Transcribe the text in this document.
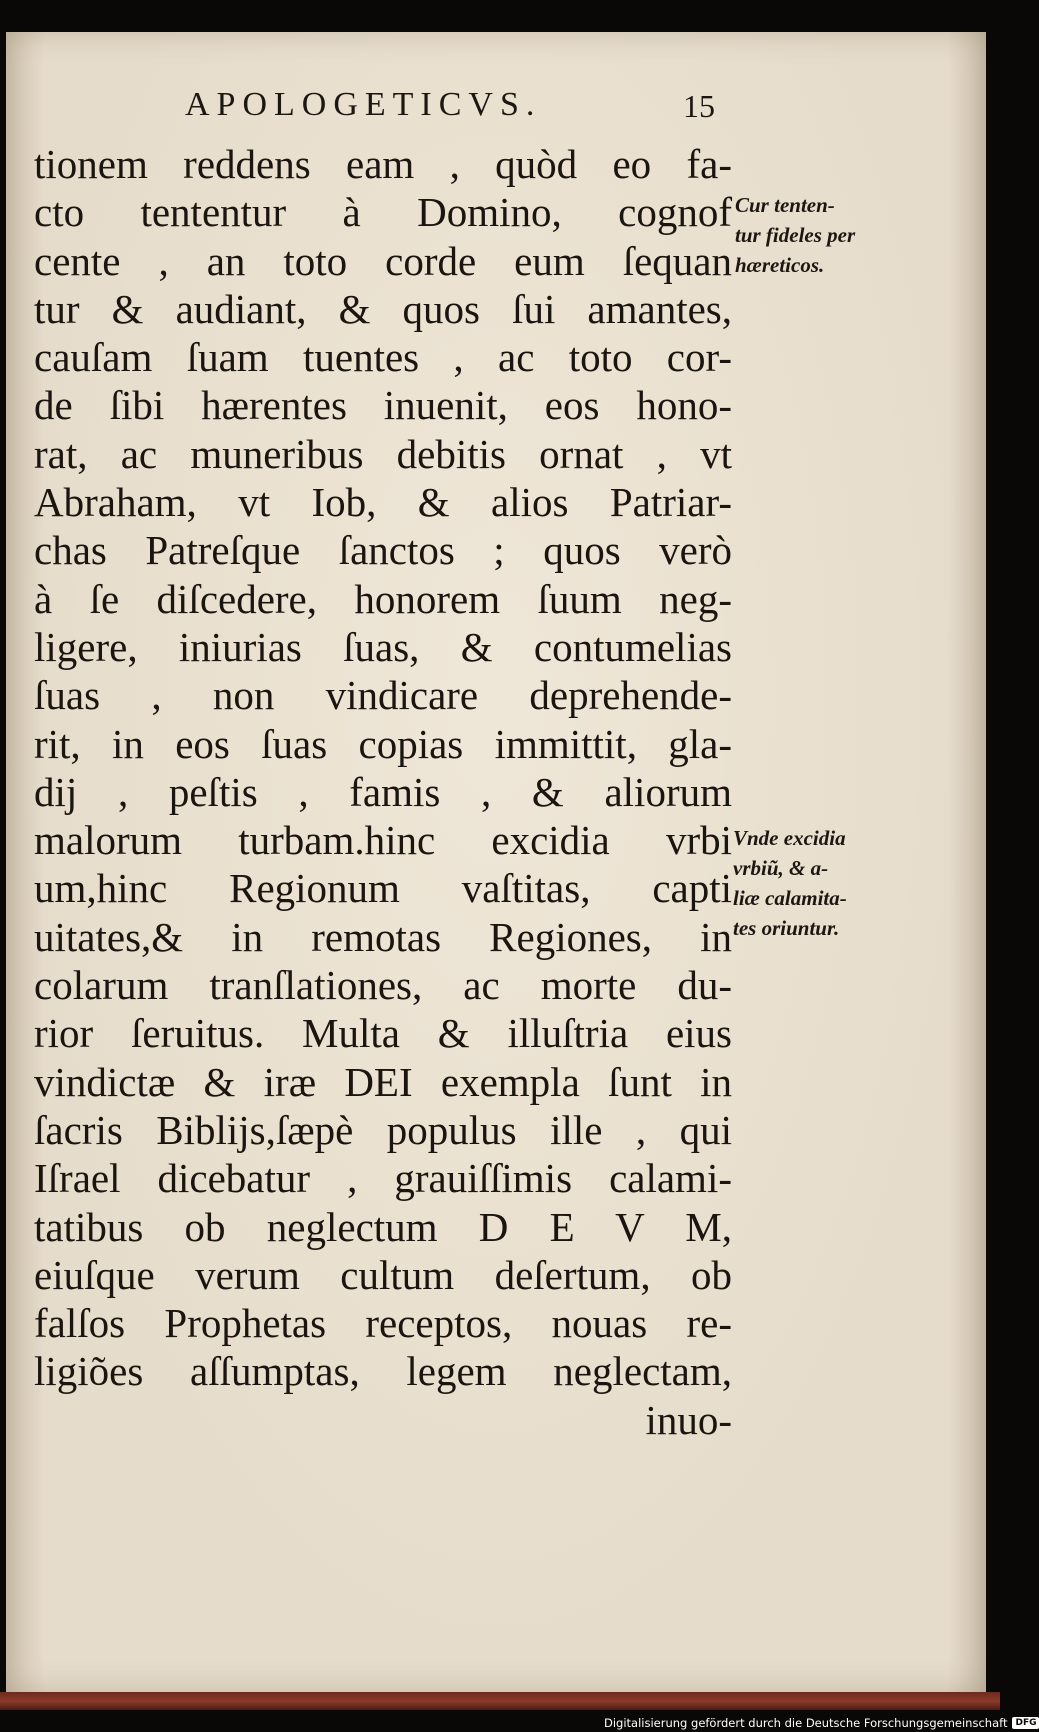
APOLOGETICVS.	15
tionem reddens eam , quòd eo fa-
cto tententur à Domino, cognof
cente , an toto corde eum ſequan
tur & audiant, & quos ſui amantes,
cauſam ſuam tuentes , ac toto cor-
de ſibi hærentes inuenit, eos hono-
rat, ac muneribus debitis ornat , vt
Abraham, vt Iob, & alios Patriar-
chas Patreſque ſanctos ; quos verò
à ſe diſcedere, honorem ſuum neg-
ligere, iniurias ſuas, & contumelias
ſuas , non vindicare deprehende-
rit, in eos ſuas copias immittit, gla-
dij , peſtis , famis , & aliorum
malorum turbam.hinc excidia vrbi
um,hinc Regionum vaſtitas, capti
uitates,& in remotas Regiones, in
colarum tranſlationes, ac morte du-
rior ſeruitus. Multa & illuſtria eius
vindictæ & iræ DEI exempla ſunt in
ſacris Biblijs,ſæpè populus ille , qui
Iſrael dicebatur , grauiſſimis calami-
tatibus ob neglectum D E V M,
eiuſque verum cultum deſertum, ob
falſos Prophetas receptos, nouas re-
ligiões aſſumptas, legem neglectam,
inuo-
Cur tenten-
tur fideles per
hæreticos.
Vnde excidia
vrbiũ, & a-
liæ calamita-
tes oriuntur.
Digitalisierung gefördert durch die Deutsche Forschungsgemeinschaft DFG
